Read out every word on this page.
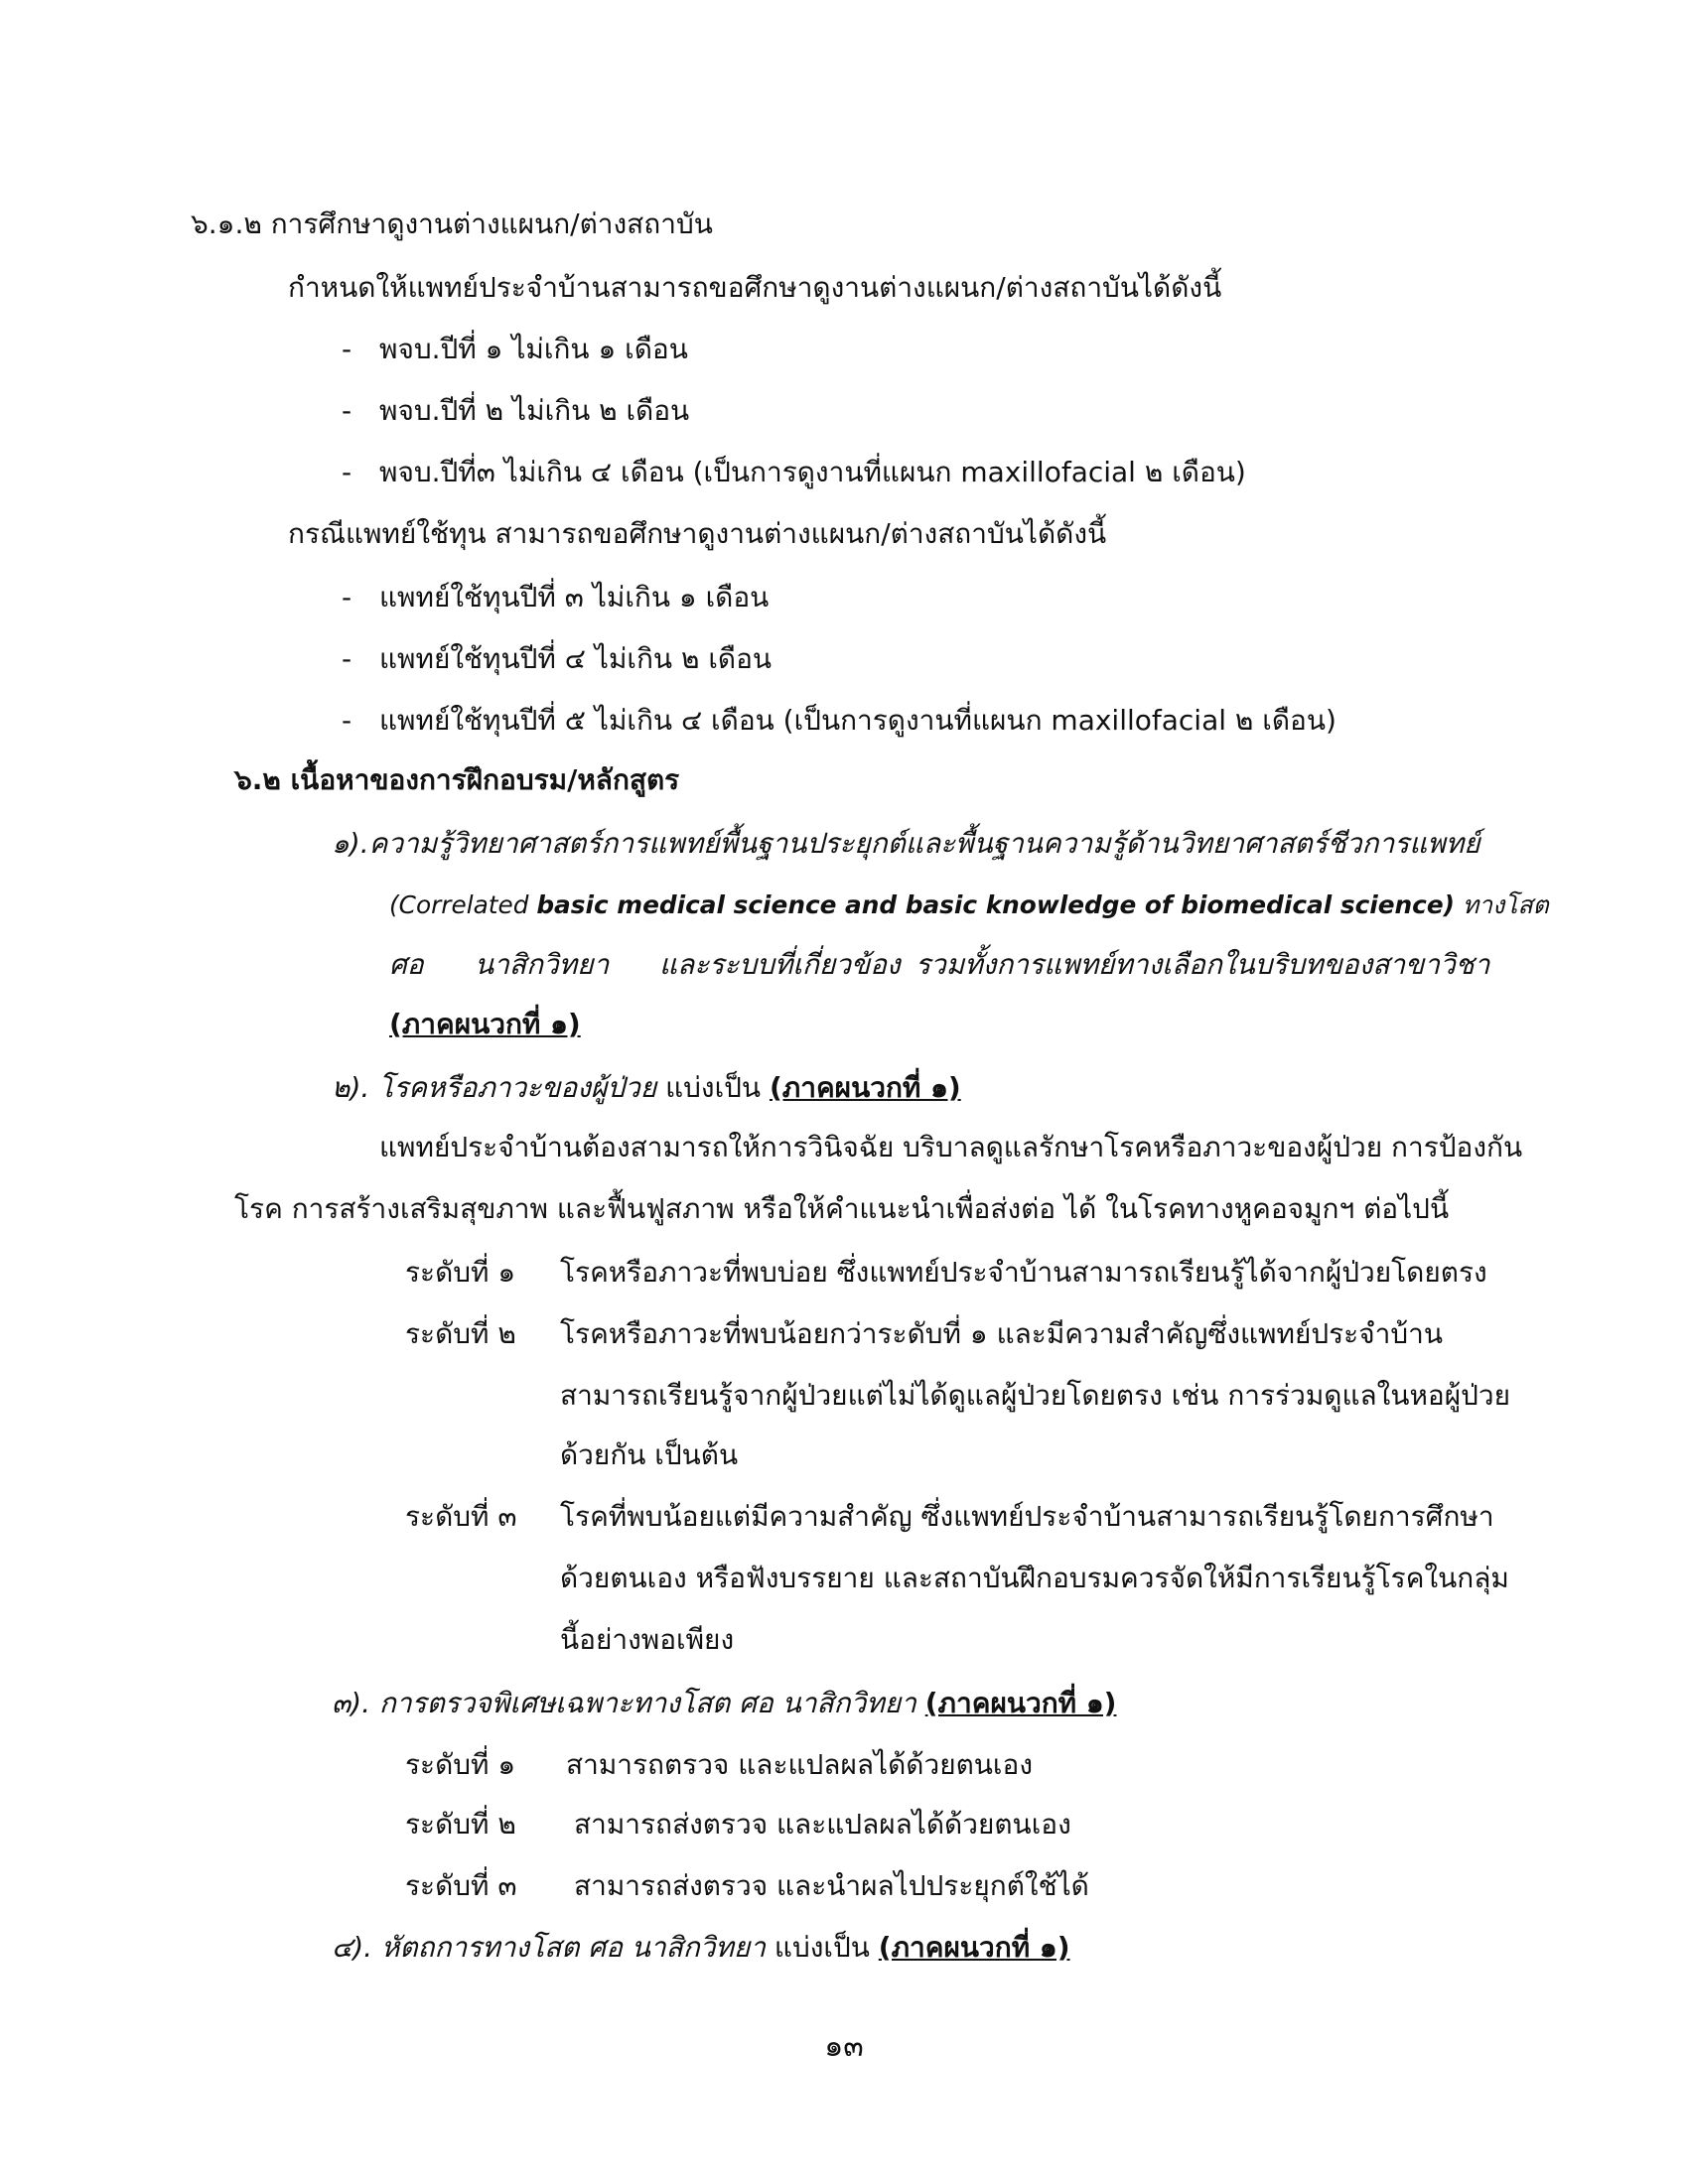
๖.๑.๒ การศึกษาดูงานต่างแผนก/ต่างสถาบัน
กำหนดให้แพทย์ประจำบ้านสามารถขอศึกษาดูงานต่างแผนก/ต่างสถาบันได้ดังนี้
- พจบ.ปีที่ ๑ ไม่เกิน ๑ เดือน
- พจบ.ปีที่ ๒ ไม่เกิน ๒ เดือน
- พจบ.ปีที่๓ ไม่เกิน ๔ เดือน (เป็นการดูงานที่แผนก maxillofacial ๒ เดือน)
กรณีแพทย์ใช้ทุน สามารถขอศึกษาดูงานต่างแผนก/ต่างสถาบันได้ดังนี้
- แพทย์ใช้ทุนปีที่ ๓ ไม่เกิน ๑ เดือน
- แพทย์ใช้ทุนปีที่ ๔ ไม่เกิน ๒ เดือน
- แพทย์ใช้ทุนปีที่ ๕ ไม่เกิน ๔ เดือน (เป็นการดูงานที่แผนก maxillofacial ๒ เดือน)
๖.๒ เนื้อหาของการฝึกอบรม/หลักสูตร
๑).ความรู้วิทยาศาสตร์การแพทย์พื้นฐานประยุกต์และพื้นฐานความรู้ด้านวิทยาศาสตร์ชีวการแพทย์
(Correlated basic medical science and basic knowledge of biomedical science) ทางโสต
ศอ นาสิกวิทยา และระบบที่เกี่ยวข้อง รวมทั้งการแพทย์ทางเลือกในบริบทของสาขาวิชา
(ภาคผนวกที่ ๑)
๒). โรคหรือภาวะของผู้ป่วย แบ่งเป็น (ภาคผนวกที่ ๑)
แพทย์ประจำบ้านต้องสามารถให้การวินิจฉัย บริบาลดูแลรักษาโรคหรือภาวะของผู้ป่วย การป้องกัน
โรค การสร้างเสริมสุขภาพ และฟื้นฟูสภาพ หรือให้คำแนะนำเพื่อส่งต่อ ได้ ในโรคทางหูคอจมูกฯ ต่อไปนี้
ระดับที่ ๑ โรคหรือภาวะที่พบบ่อย ซึ่งแพทย์ประจำบ้านสามารถเรียนรู้ได้จากผู้ป่วยโดยตรง
ระดับที่ ๒ โรคหรือภาวะที่พบน้อยกว่าระดับที่ ๑ และมีความสำคัญซึ่งแพทย์ประจำบ้าน
สามารถเรียนรู้จากผู้ป่วยแต่ไม่ได้ดูแลผู้ป่วยโดยตรง เช่น การร่วมดูแลในหอผู้ป่วย
ด้วยกัน เป็นต้น
ระดับที่ ๓ โรคที่พบน้อยแต่มีความสำคัญ ซึ่งแพทย์ประจำบ้านสามารถเรียนรู้โดยการศึกษา
ด้วยตนเอง หรือฟังบรรยาย และสถาบันฝึกอบรมควรจัดให้มีการเรียนรู้โรคในกลุ่ม
นี้อย่างพอเพียง
๓). การตรวจพิเศษเฉพาะทางโสต ศอ นาสิกวิทยา (ภาคผนวกที่ ๑)
ระดับที่ ๑ สามารถตรวจ และแปลผลได้ด้วยตนเอง
ระดับที่ ๒ สามารถส่งตรวจ และแปลผลได้ด้วยตนเอง
ระดับที่ ๓ สามารถส่งตรวจ และนำผลไปประยุกต์ใช้ได้
๔). หัตถการทางโสต ศอ นาสิกวิทยา แบ่งเป็น (ภาคผนวกที่ ๑)
๑๓
